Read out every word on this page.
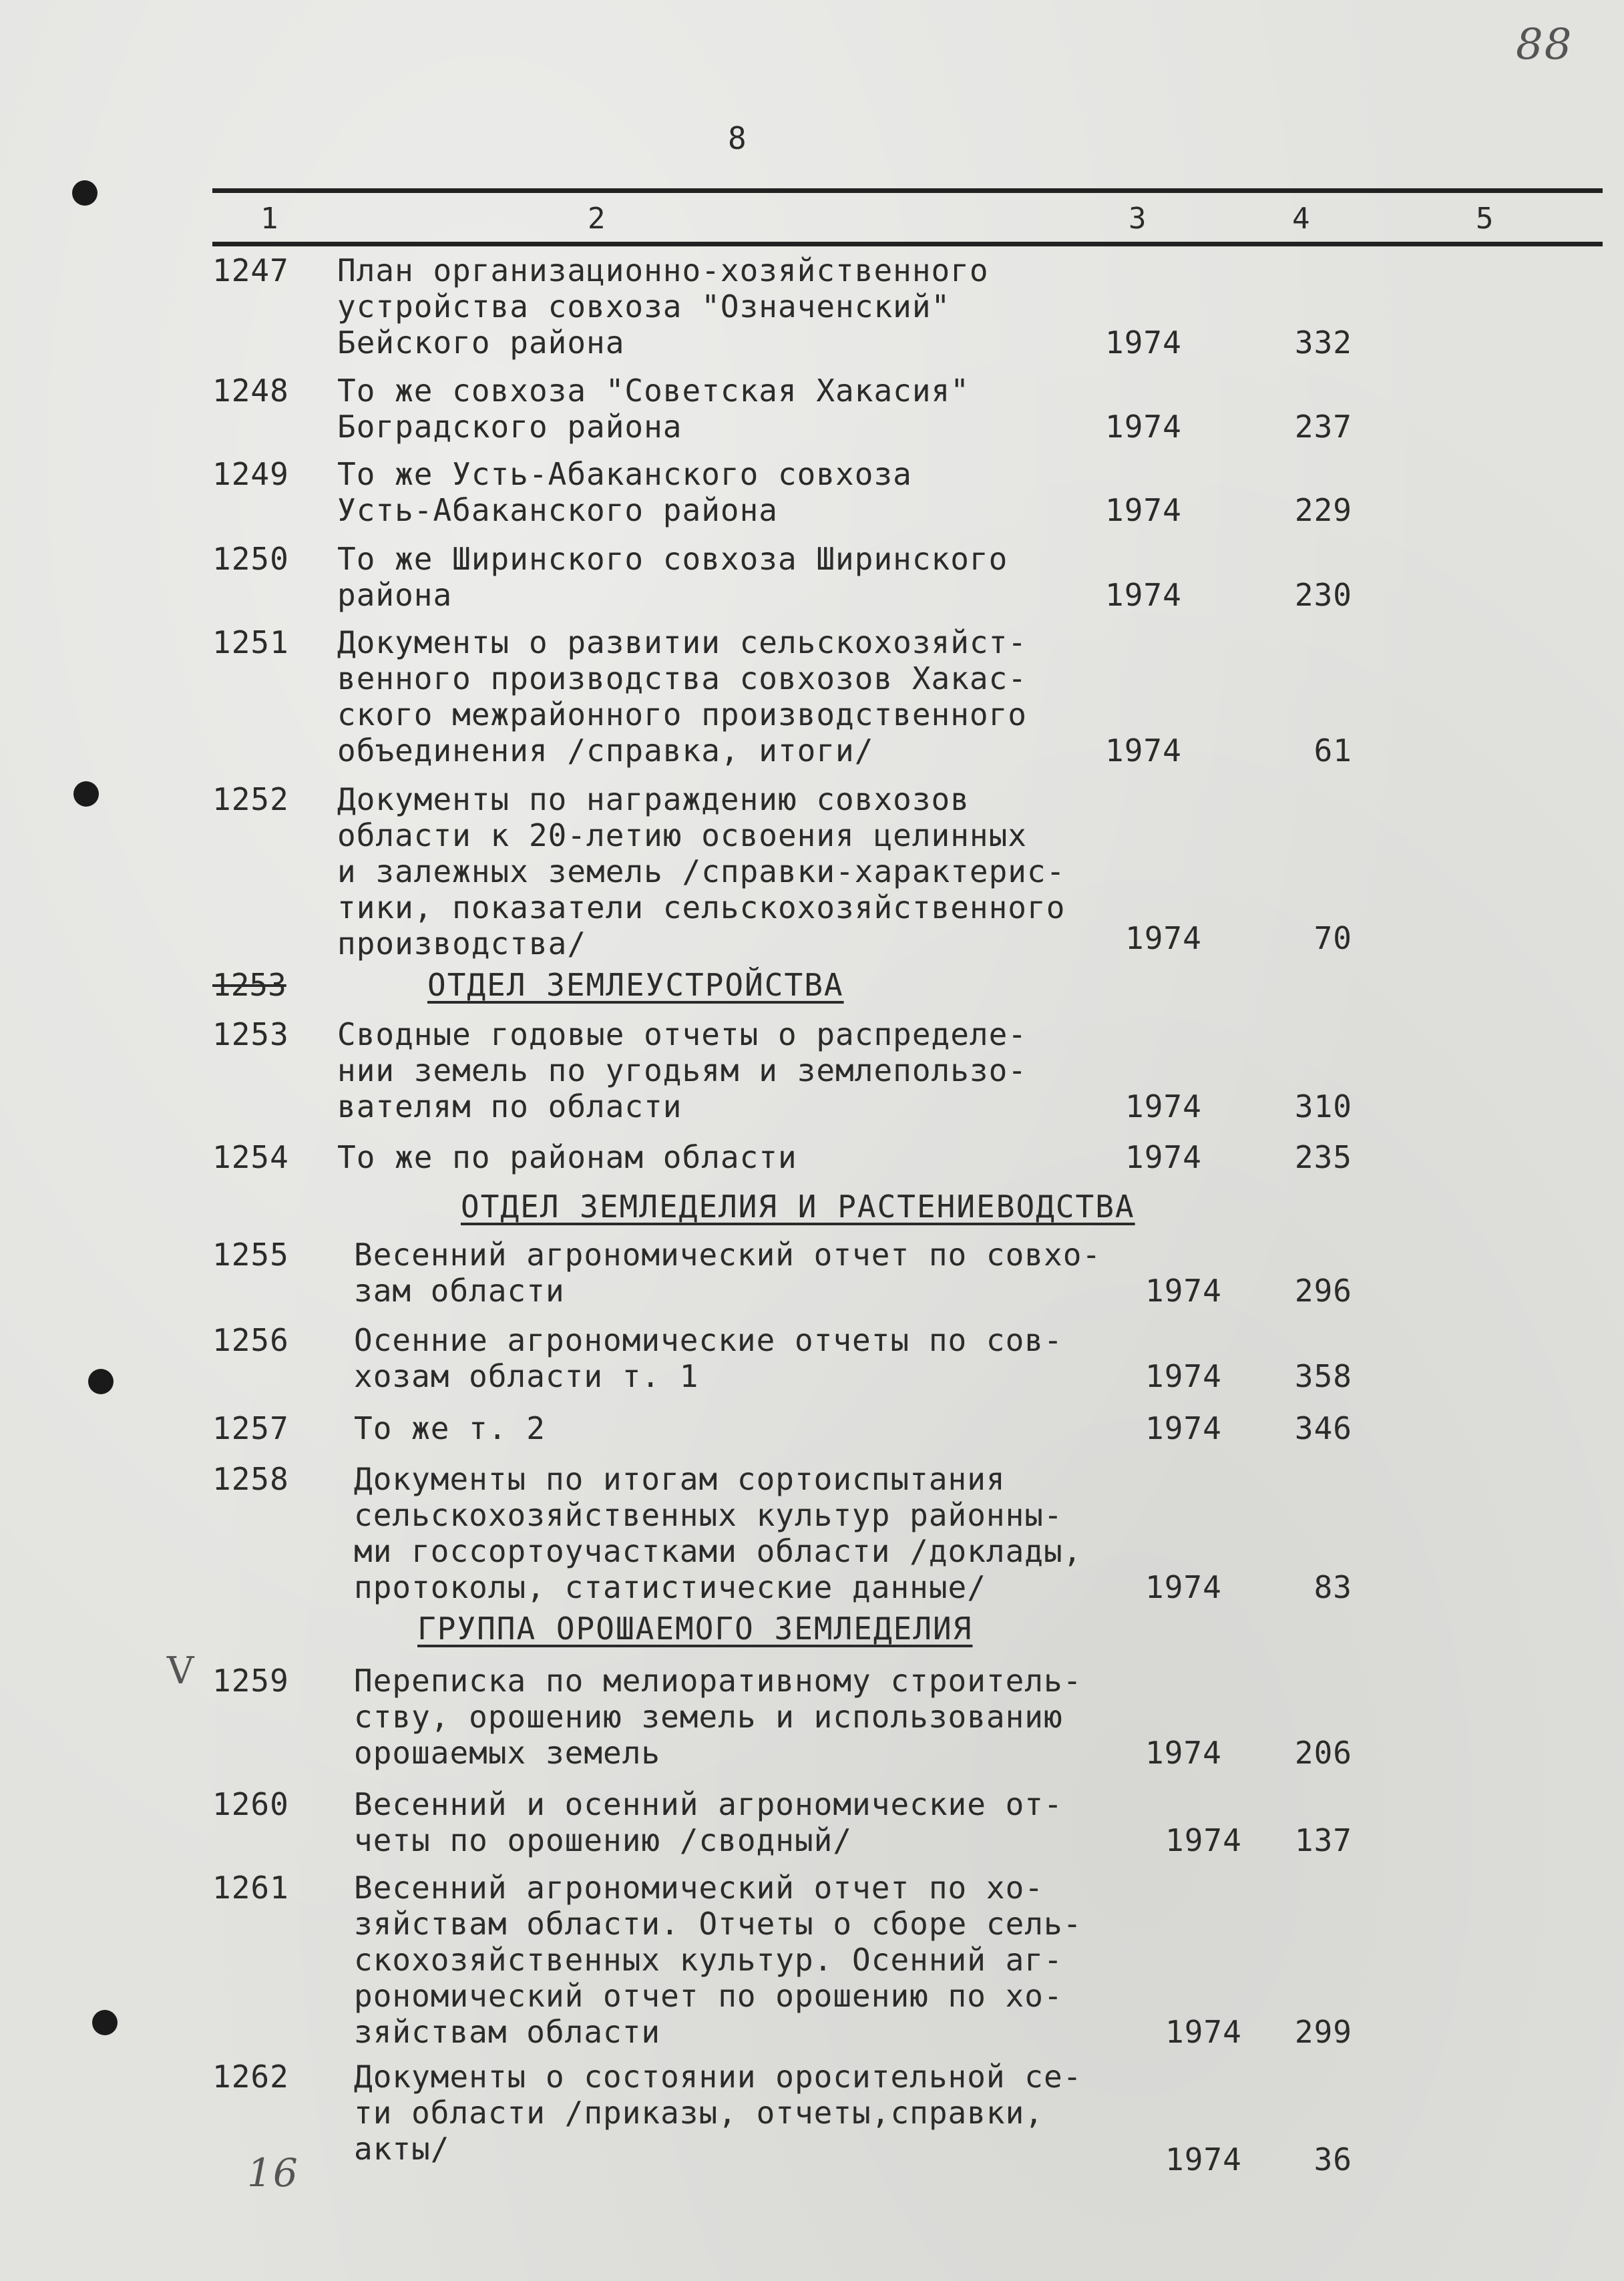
88
8
1	2	3	4	5
1247 План организационно-хозяйственного
устройства совхоза "Означенский"
Бейского района	1974	332
1248 То же совхоза "Советская Хакасия"
Боградского района	1974	237
1249 То же Усть-Абаканского совхоза
Усть-Абаканского района	1974	229
1250 То же Ширинского совхоза Ширинского
района	1974	230
1251 Документы о развитии сельскохозяйст-
венного производства совхозов Хакас-
ского межрайонного производственного
объединения /справка, итоги/	1974	61
1252 Документы по награждению совхозов
области к 20-летию освоения целинных
и залежных земель /справки-характерис-
тики, показатели сельскохозяйственного
производства/	1974	70
1253	ОТДЕЛ ЗЕМЛЕУСТРОЙСТВА
1253 Сводные годовые отчеты о распределе-
нии земель по угодьям и землепользо-
вателям по области	1974	310
1254 То же по районам области	1974	235
ОТДЕЛ ЗЕМЛЕДЕЛИЯ И РАСТЕНИЕВОДСТВА
1255 Весенний агрономический отчет по совхо-
зам области	1974	296
1256 Осенние агрономические отчеты по сов-
хозам области т. 1	1974	358
1257 То же т. 2	1974	346
1258 Документы по итогам сортоиспытания
сельскохозяйственных культур районны-
ми госсортоучастками области /доклады,
протоколы, статистические данные/	1974	83
ГРУППА ОРОШАЕМОГО ЗЕМЛЕДЕЛИЯ
V 1259 Переписка по мелиоративному строитель-
ству, орошению земель и использованию
орошаемых земель	1974	206
1260 Весенний и осенний агрономические от-
четы по орошению /сводный/	1974	137
1261 Весенний агрономический отчет по хо-
зяйствам области. Отчеты о сборе сель-
скохозяйственных культур. Осенний аг-
рономический отчет по орошению по хо-
зяйствам области	1974	299
1262 Документы о состоянии оросительной се-
ти области /приказы, отчеты,справки,
акты/	1974	36
16
